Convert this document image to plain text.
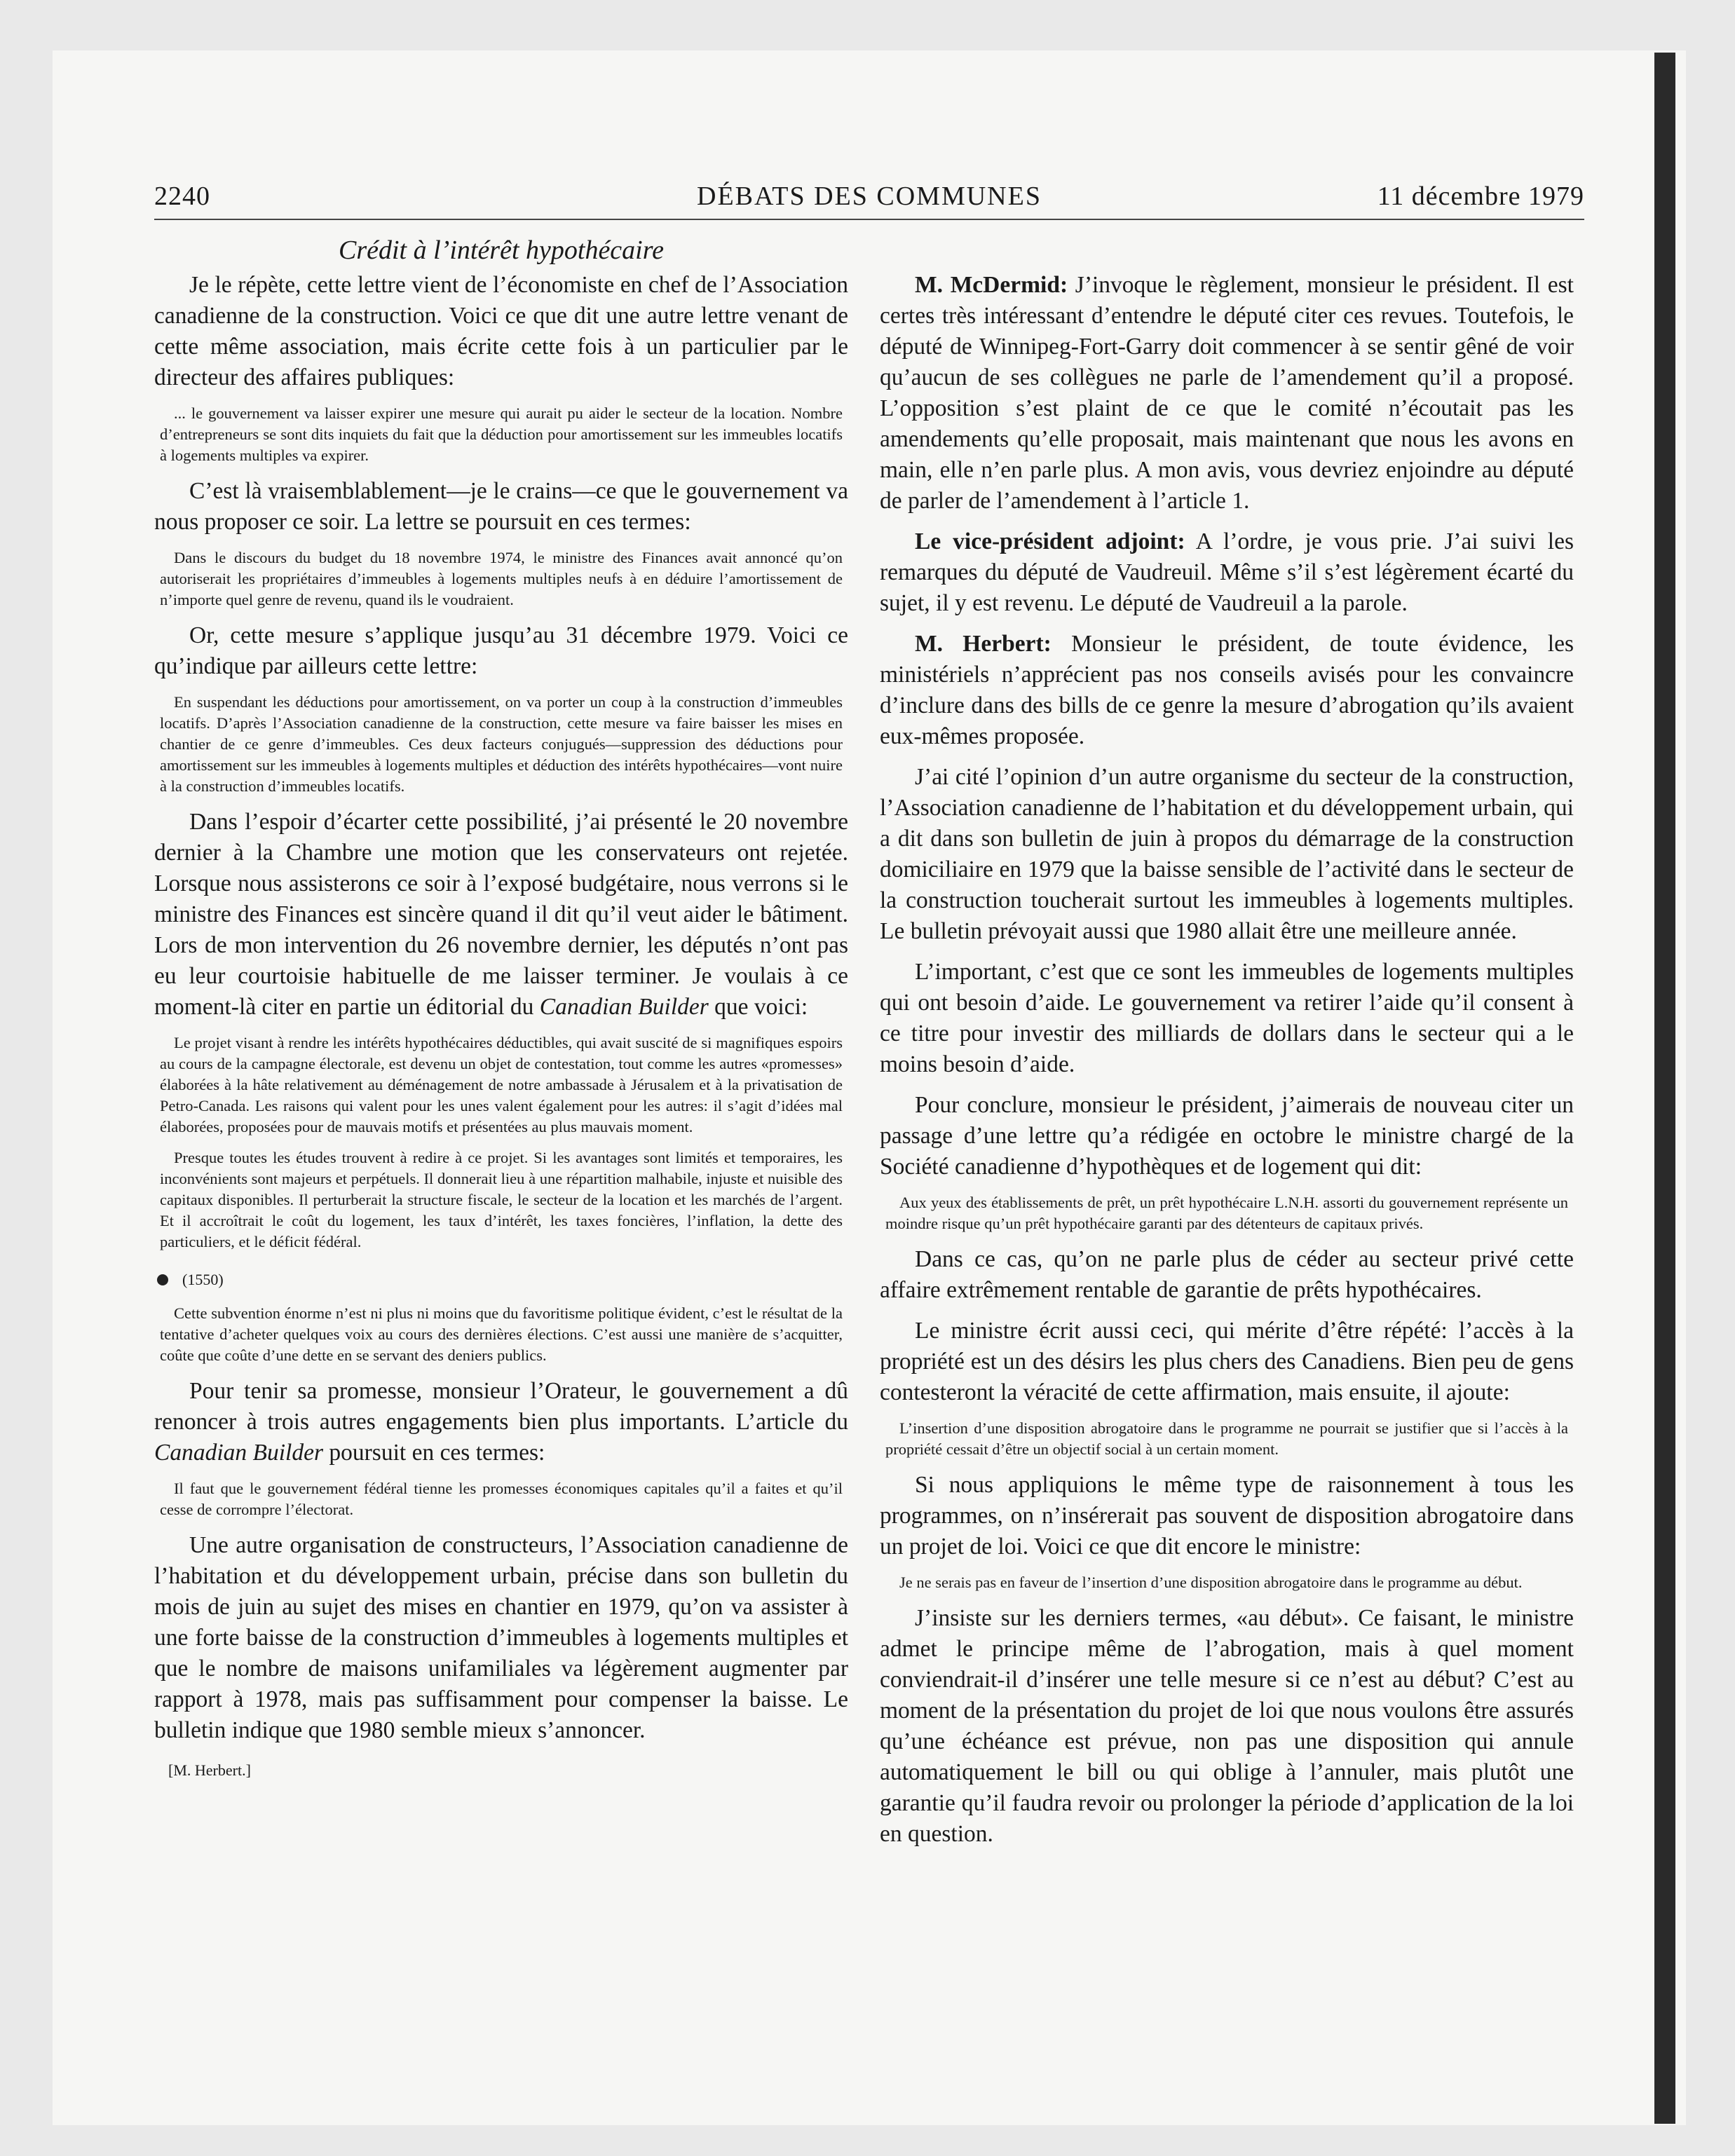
2240	DÉBATS DES COMMUNES	11 décembre 1979
Crédit à l’intérêt hypothécaire

Je le répète, cette lettre vient de l’économiste en chef de l’Association canadienne de la construction. Voici ce que dit une autre lettre venant de cette même association, mais écrite cette fois à un particulier par le directeur des affaires publiques:

... le gouvernement va laisser expirer une mesure qui aurait pu aider le secteur de la location. Nombre d’entrepreneurs se sont dits inquiets du fait que la déduction pour amortissement sur les immeubles locatifs à logements multiples va expirer.

C’est là vraisemblablement—je le crains—ce que le gouvernement va nous proposer ce soir. La lettre se poursuit en ces termes:

Dans le discours du budget du 18 novembre 1974, le ministre des Finances avait annoncé qu’on autoriserait les propriétaires d’immeubles à logements multiples neufs à en déduire l’amortissement de n’importe quel genre de revenu, quand ils le voudraient.

Or, cette mesure s’applique jusqu’au 31 décembre 1979. Voici ce qu’indique par ailleurs cette lettre:

En suspendant les déductions pour amortissement, on va porter un coup à la construction d’immeubles locatifs. D’après l’Association canadienne de la construction, cette mesure va faire baisser les mises en chantier de ce genre d’immeubles. Ces deux facteurs conjugués—suppression des déductions pour amortissement sur les immeubles à logements multiples et déduction des intérêts hypothécaires—vont nuire à la construction d’immeubles locatifs.

Dans l’espoir d’écarter cette possibilité, j’ai présenté le 20 novembre dernier à la Chambre une motion que les conservateurs ont rejetée. Lorsque nous assisterons ce soir à l’exposé budgétaire, nous verrons si le ministre des Finances est sincère quand il dit qu’il veut aider le bâtiment. Lors de mon intervention du 26 novembre dernier, les députés n’ont pas eu leur courtoisie habituelle de me laisser terminer. Je voulais à ce moment-là citer en partie un éditorial du Canadian Builder que voici:

Le projet visant à rendre les intérêts hypothécaires déductibles, qui avait suscité de si magnifiques espoirs au cours de la campagne électorale, est devenu un objet de contestation, tout comme les autres «promesses» élaborées à la hâte relativement au déménagement de notre ambassade à Jérusalem et à la privatisation de Petro-Canada. Les raisons qui valent pour les unes valent également pour les autres: il s’agit d’idées mal élaborées, proposées pour de mauvais motifs et présentées au plus mauvais moment.

Presque toutes les études trouvent à redire à ce projet. Si les avantages sont limités et temporaires, les inconvénients sont majeurs et perpétuels. Il donnerait lieu à une répartition malhabile, injuste et nuisible des capitaux disponibles. Il perturberait la structure fiscale, le secteur de la location et les marchés de l’argent. Et il accroîtrait le coût du logement, les taux d’intérêt, les taxes foncières, l’inflation, la dette des particuliers, et le déficit fédéral.

(1550)

Cette subvention énorme n’est ni plus ni moins que du favoritisme politique évident, c’est le résultat de la tentative d’acheter quelques voix au cours des dernières élections. C’est aussi une manière de s’acquitter, coûte que coûte d’une dette en se servant des deniers publics.

Pour tenir sa promesse, monsieur l’Orateur, le gouvernement a dû renoncer à trois autres engagements bien plus importants. L’article du Canadian Builder poursuit en ces termes:

Il faut que le gouvernement fédéral tienne les promesses économiques capitales qu’il a faites et qu’il cesse de corrompre l’électorat.

Une autre organisation de constructeurs, l’Association canadienne de l’habitation et du développement urbain, précise dans son bulletin du mois de juin au sujet des mises en chantier en 1979, qu’on va assister à une forte baisse de la construction d’immeubles à logements multiples et que le nombre de maisons unifamiliales va légèrement augmenter par rapport à 1978, mais pas suffisamment pour compenser la baisse. Le bulletin indique que 1980 semble mieux s’annoncer.

[M. Herbert.]

M. McDermid: J’invoque le règlement, monsieur le président. Il est certes très intéressant d’entendre le député citer ces revues. Toutefois, le député de Winnipeg-Fort-Garry doit commencer à se sentir gêné de voir qu’aucun de ses collègues ne parle de l’amendement qu’il a proposé. L’opposition s’est plaint de ce que le comité n’écoutait pas les amendements qu’elle proposait, mais maintenant que nous les avons en main, elle n’en parle plus. A mon avis, vous devriez enjoindre au député de parler de l’amendement à l’article 1.

Le vice-président adjoint: A l’ordre, je vous prie. J’ai suivi les remarques du député de Vaudreuil. Même s’il s’est légèrement écarté du sujet, il y est revenu. Le député de Vaudreuil a la parole.

M. Herbert: Monsieur le président, de toute évidence, les ministériels n’apprécient pas nos conseils avisés pour les convaincre d’inclure dans des bills de ce genre la mesure d’abrogation qu’ils avaient eux-mêmes proposée.

J’ai cité l’opinion d’un autre organisme du secteur de la construction, l’Association canadienne de l’habitation et du développement urbain, qui a dit dans son bulletin de juin à propos du démarrage de la construction domiciliaire en 1979 que la baisse sensible de l’activité dans le secteur de la construction toucherait surtout les immeubles à logements multiples. Le bulletin prévoyait aussi que 1980 allait être une meilleure année.

L’important, c’est que ce sont les immeubles de logements multiples qui ont besoin d’aide. Le gouvernement va retirer l’aide qu’il consent à ce titre pour investir des milliards de dollars dans le secteur qui a le moins besoin d’aide.

Pour conclure, monsieur le président, j’aimerais de nouveau citer un passage d’une lettre qu’a rédigée en octobre le ministre chargé de la Société canadienne d’hypothèques et de logement qui dit:

Aux yeux des établissements de prêt, un prêt hypothécaire L.N.H. assorti du gouvernement représente un moindre risque qu’un prêt hypothécaire garanti par des détenteurs de capitaux privés.

Dans ce cas, qu’on ne parle plus de céder au secteur privé cette affaire extrêmement rentable de garantie de prêts hypothécaires.

Le ministre écrit aussi ceci, qui mérite d’être répété: l’accès à la propriété est un des désirs les plus chers des Canadiens. Bien peu de gens contesteront la véracité de cette affirmation, mais ensuite, il ajoute:

L’insertion d’une disposition abrogatoire dans le programme ne pourrait se justifier que si l’accès à la propriété cessait d’être un objectif social à un certain moment.

Si nous appliquions le même type de raisonnement à tous les programmes, on n’insérerait pas souvent de disposition abrogatoire dans un projet de loi. Voici ce que dit encore le ministre:

Je ne serais pas en faveur de l’insertion d’une disposition abrogatoire dans le programme au début.

J’insiste sur les derniers termes, «au début». Ce faisant, le ministre admet le principe même de l’abrogation, mais à quel moment conviendrait-il d’insérer une telle mesure si ce n’est au début? C’est au moment de la présentation du projet de loi que nous voulons être assurés qu’une échéance est prévue, non pas une disposition qui annule automatiquement le bill ou qui oblige à l’annuler, mais plutôt une garantie qu’il faudra revoir ou prolonger la période d’application de la loi en question.
